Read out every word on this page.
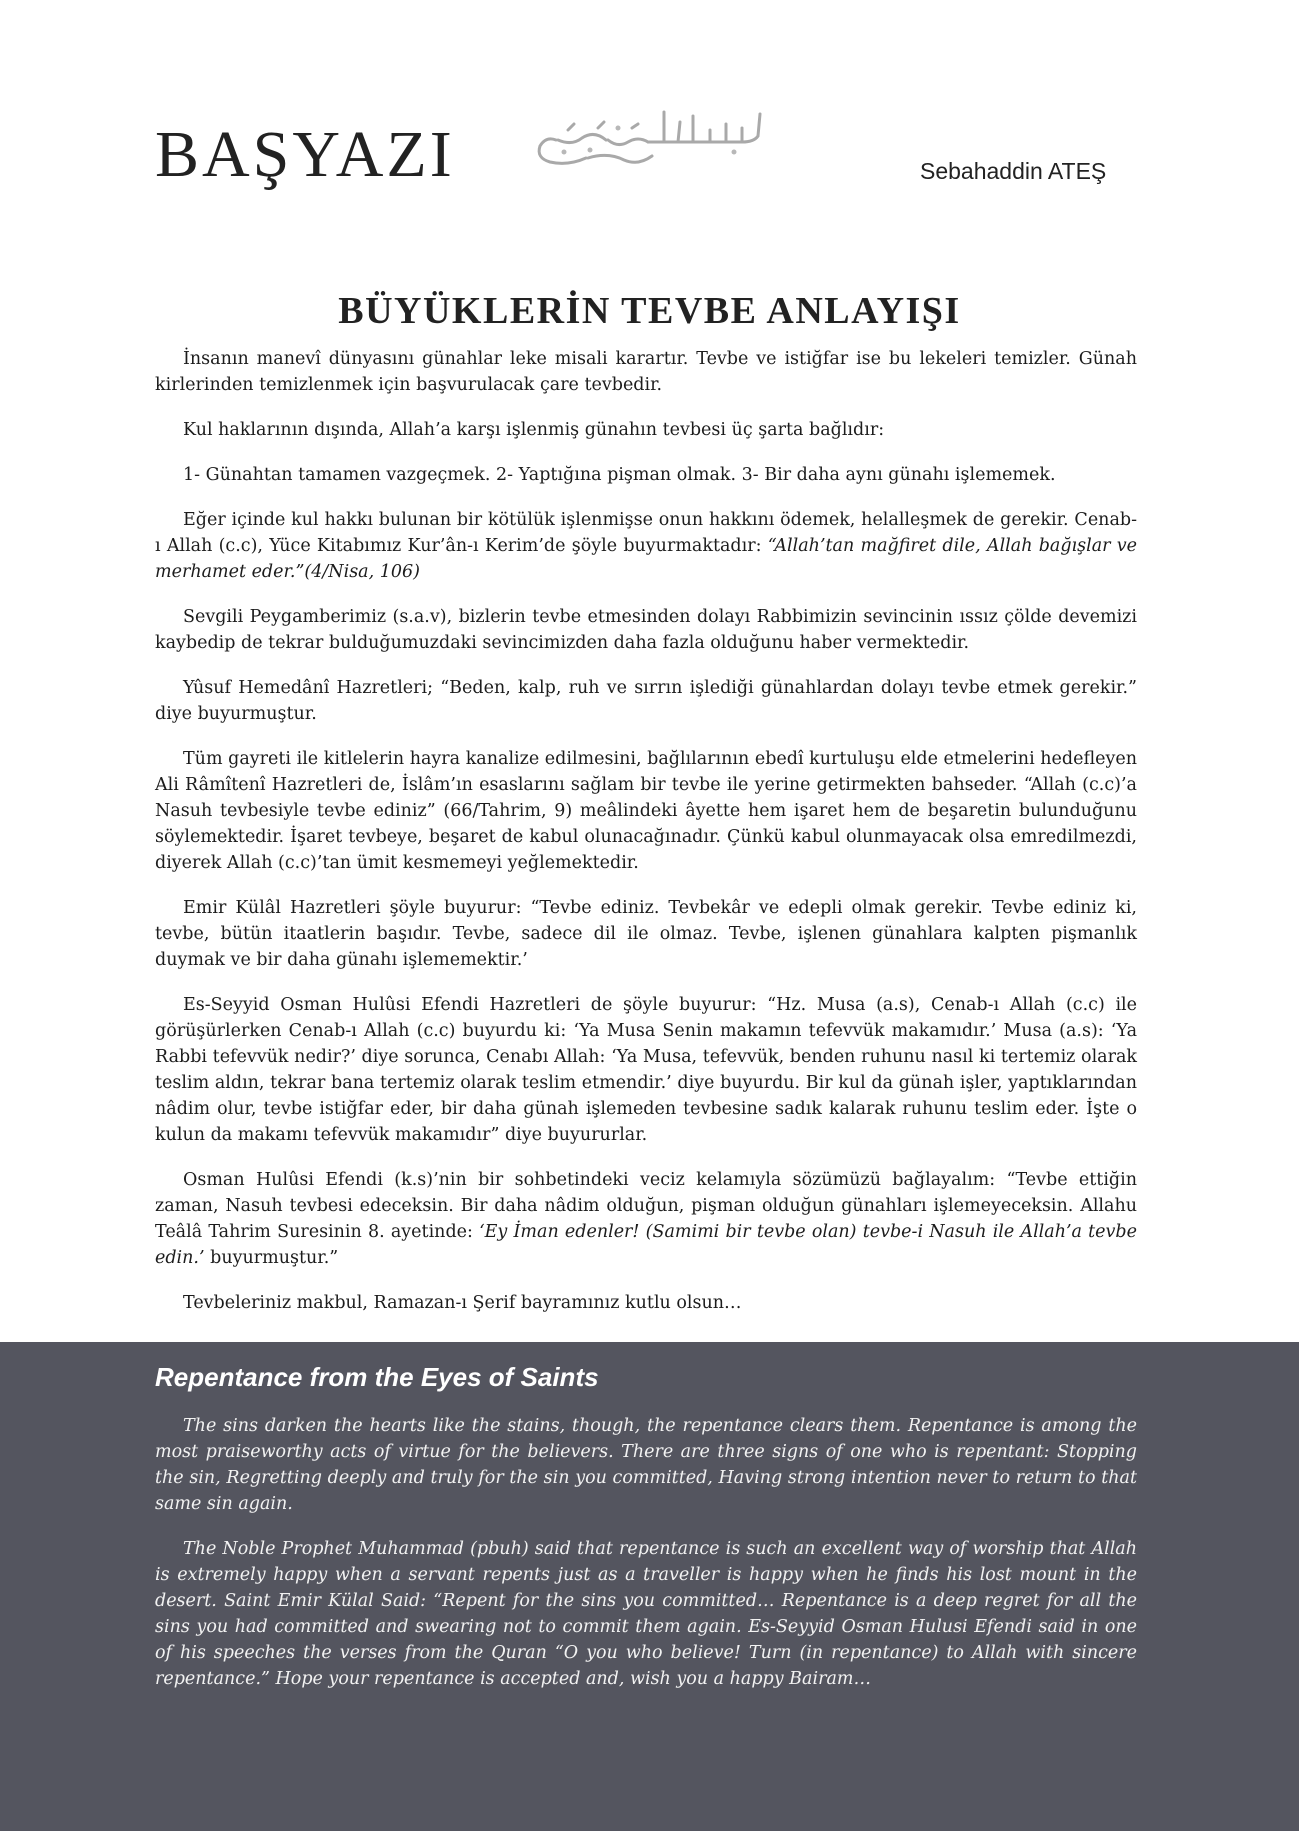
BAŞYAZI	Sebahaddin ATEŞ
BÜYÜKLERİN TEVBE ANLAYIŞI

İnsanın manevî dünyasını günahlar leke misali karartır. Tevbe ve istiğfar ise bu lekeleri temizler. Günah kirlerinden temizlenmek için başvurulacak çare tevbedir.

Kul haklarının dışında, Allah’a karşı işlenmiş günahın tevbesi üç şarta bağlıdır:

1- Günahtan tamamen vazgeçmek. 2- Yaptığına pişman olmak. 3- Bir daha aynı günahı işlememek.

Eğer içinde kul hakkı bulunan bir kötülük işlenmişse onun hakkını ödemek, helalleşmek de gerekir. Cenab-ı Allah (c.c), Yüce Kitabımız Kur’ân-ı Kerim’de şöyle buyurmaktadır: “Allah’tan mağfiret dile, Allah bağışlar ve merhamet eder.”(4/Nisa, 106)

Sevgili Peygamberimiz (s.a.v), bizlerin tevbe etmesinden dolayı Rabbimizin sevincinin ıssız çölde devemizi kaybedip de tekrar bulduğumuzdaki sevincimizden daha fazla olduğunu haber vermektedir.

Yûsuf Hemedânî Hazretleri; “Beden, kalp, ruh ve sırrın işlediği günahlardan dolayı tevbe etmek gerekir.” diye buyurmuştur.

Tüm gayreti ile kitlelerin hayra kanalize edilmesini, bağlılarının ebedî kurtuluşu elde etmelerini hedefleyen Ali Râmîtenî Hazretleri de, İslâm’ın esaslarını sağlam bir tevbe ile yerine getirmekten bahseder. “Allah (c.c)’a Nasuh tevbesiyle tevbe ediniz” (66/Tahrim, 9) meâlindeki âyette hem işaret hem de beşaretin bulunduğunu söylemektedir. İşaret tevbeye, beşaret de kabul olunacağınadır. Çünkü kabul olunmayacak olsa emredilmezdi, diyerek Allah (c.c)’tan ümit kesmemeyi yeğlemektedir.

Emir Külâl Hazretleri şöyle buyurur: “Tevbe ediniz. Tevbekâr ve edepli olmak gerekir. Tevbe ediniz ki, tevbe, bütün itaatlerin başıdır. Tevbe, sadece dil ile olmaz. Tevbe, işlenen günahlara kalpten pişmanlık duymak ve bir daha günahı işlememektir.’

Es-Seyyid Osman Hulûsi Efendi Hazretleri de şöyle buyurur: “Hz. Musa (a.s), Cenab-ı Allah (c.c) ile görüşürlerken Cenab-ı Allah (c.c) buyurdu ki: ‘Ya Musa Senin makamın tefevvük makamıdır.’ Musa (a.s): ‘Ya Rabbi tefevvük nedir?’ diye sorunca, Cenabı Allah: ‘Ya Musa, tefevvük, benden ruhunu nasıl ki tertemiz olarak teslim aldın, tekrar bana tertemiz olarak teslim etmendir.’ diye buyurdu. Bir kul da günah işler, yaptıklarından nâdim olur, tevbe istiğfar eder, bir daha günah işlemeden tevbesine sadık kalarak ruhunu teslim eder. İşte o kulun da makamı tefevvük makamıdır” diye buyururlar.

Osman Hulûsi Efendi (k.s)’nin bir sohbetindeki veciz kelamıyla sözümüzü bağlayalım: “Tevbe ettiğin zaman, Nasuh tevbesi edeceksin. Bir daha nâdim olduğun, pişman olduğun günahları işlemeyeceksin. Allahu Teâlâ Tahrim Suresinin 8. ayetinde: ‘Ey İman edenler! (Samimi bir tevbe olan) tevbe-i Nasuh ile Allah’a tevbe edin.’ buyurmuştur.”

Tevbeleriniz makbul, Ramazan-ı Şerif bayramınız kutlu olsun…

Repentance from the Eyes of Saints

The sins darken the hearts like the stains, though, the repentance clears them. Repentance is among the most praiseworthy acts of virtue for the believers. There are three signs of one who is repentant: Stopping the sin, Regretting deeply and truly for the sin you committed, Having strong intention never to return to that same sin again.

The Noble Prophet Muhammad (pbuh) said that repentance is such an excellent way of worship that Allah is extremely happy when a servant repents just as a traveller is happy when he finds his lost mount in the desert. Saint Emir Külal Said: “Repent for the sins you committed… Repentance is a deep regret for all the sins you had committed and swearing not to commit them again. Es-Seyyid Osman Hulusi Efendi said in one of his speeches the verses from the Quran “O you who believe! Turn (in repentance) to Allah with sincere repentance.” Hope your repentance is accepted and, wish you a happy Bairam…
